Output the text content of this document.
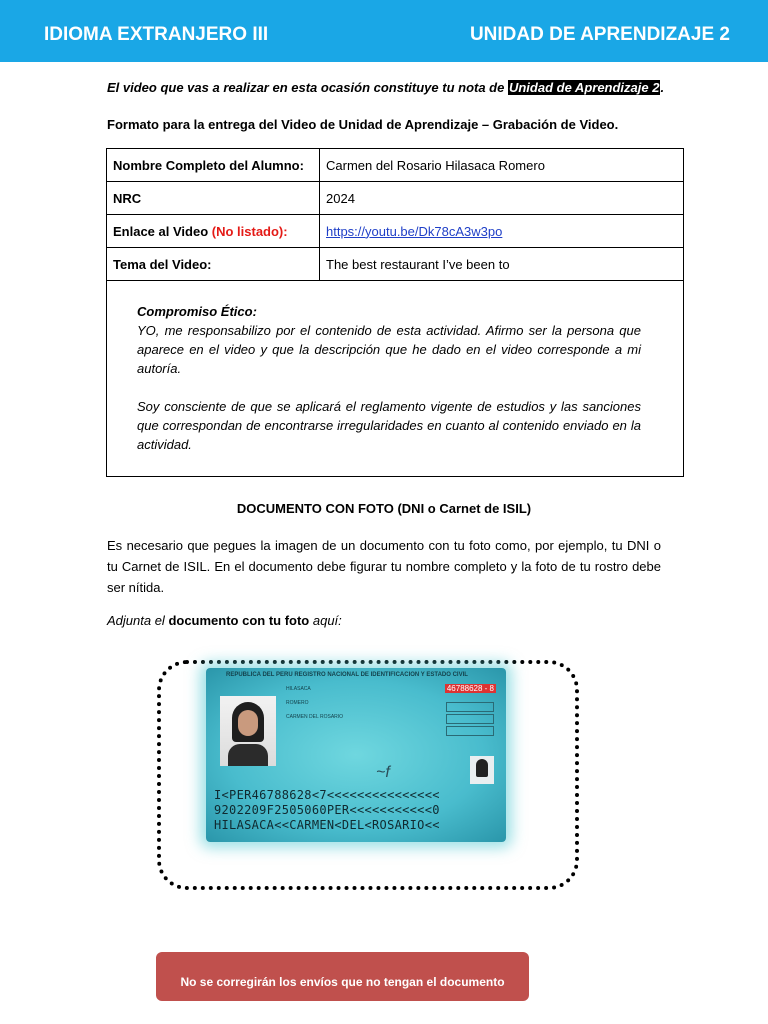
IDIOMA EXTRANJERO III	UNIDAD DE APRENDIZAJE 2
El video que vas a realizar en esta ocasión constituye tu nota de Unidad de Aprendizaje 2.
Formato para la entrega del Video de Unidad de Aprendizaje – Grabación de Video.
Nombre Completo del Alumno:	Carmen del Rosario Hilasaca Romero
NRC	2024
Enlace al Video (No listado):	https://youtu.be/Dk78cA3w3po
Tema del Video:	The best restaurant I’ve been to
Compromiso Ético:

YO, me responsabilizo por el contenido de esta actividad. Afirmo ser la persona que aparece en el video y que la descripción que he dado en el video corresponde a mi autoría.

Soy consciente de que se aplicará el reglamento vigente de estudios y las sanciones que correspondan de encontrarse irregularidades en cuanto al contenido enviado en la actividad.

DOCUMENTO CON FOTO (DNI o Carnet de ISIL)
Es necesario que pegues la imagen de un documento con tu foto como, por ejemplo, tu DNI o tu Carnet de ISIL. En el documento debe figurar tu nombre completo y la foto de tu rostro debe ser nítida.
Adjunta el documento con tu foto aquí:
REPUBLICA DEL PERU REGISTRO NACIONAL DE IDENTIFICACION Y ESTADO CIVIL
46788628 - 8
HILASACA

ROMERO

CARMEN DEL ROSARIO
~f
I<PER46788628<7<<<<<<<<<<<<<<<
9202209F2505060PER<<<<<<<<<<<0
HILASACA<<CARMEN<DEL<ROSARIO<<
No se corregirán los envíos que no tengan el documento
